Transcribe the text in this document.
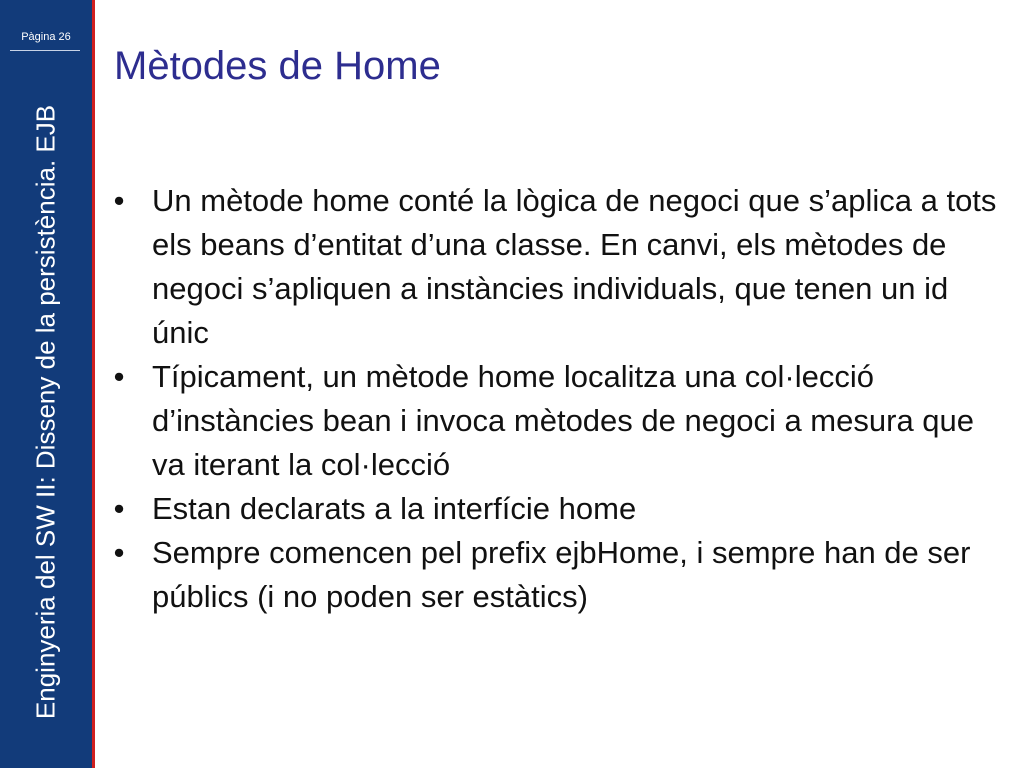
Pàgina 26
Enginyeria del SW II: Disseny de la persistència. EJB
Mètodes de Home
• Un mètode home conté la lògica de negoci que s’aplica a tots els beans d’entitat d’una classe. En canvi, els mètodes de negoci s’apliquen a instàncies individuals, que tenen un id únic
• Típicament, un mètode home localitza una col·lecció d’instàncies bean i invoca mètodes de negoci a mesura que va iterant la col·lecció
• Estan declarats a la interfície home
• Sempre comencen pel prefix ejbHome, i sempre han de ser públics (i no poden ser estàtics)
